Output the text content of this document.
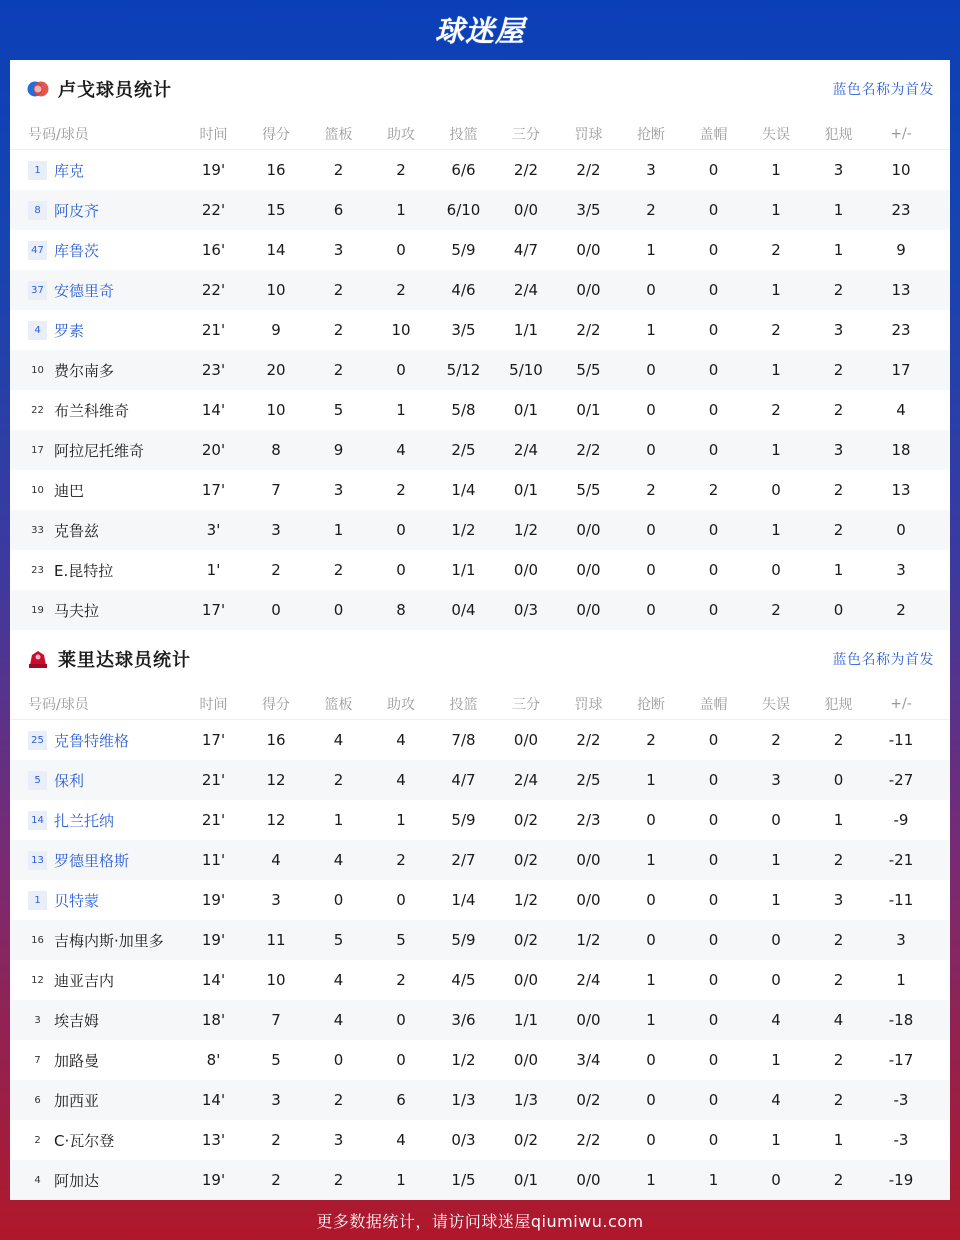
球迷屋
卢戈球员统计	蓝色名称为首发
号码/球员	时间	得分	篮板	助攻	投篮	三分	罚球	抢断	盖帽	失误	犯规	+/-
1 库克	19'	16	2	2	6/6	2/2	2/2	3	0	1	3	10
8 阿皮齐	22'	15	6	1	6/10	0/0	3/5	2	0	1	1	23
47 库鲁茨	16'	14	3	0	5/9	4/7	0/0	1	0	2	1	9
37 安德里奇	22'	10	2	2	4/6	2/4	0/0	0	0	1	2	13
4 罗素	21'	9	2	10	3/5	1/1	2/2	1	0	2	3	23
10 费尔南多	23'	20	2	0	5/12	5/10	5/5	0	0	1	2	17
22 布兰科维奇	14'	10	5	1	5/8	0/1	0/1	0	0	2	2	4
17 阿拉尼托维奇	20'	8	9	4	2/5	2/4	2/2	0	0	1	3	18
10 迪巴	17'	7	3	2	1/4	0/1	5/5	2	2	0	2	13
33 克鲁兹	3'	3	1	0	1/2	1/2	0/0	0	0	1	2	0
23 E.昆特拉	1'	2	2	0	1/1	0/0	0/0	0	0	0	1	3
19 马夫拉	17'	0	0	8	0/4	0/3	0/0	0	0	2	0	2
莱里达球员统计	蓝色名称为首发
号码/球员	时间	得分	篮板	助攻	投篮	三分	罚球	抢断	盖帽	失误	犯规	+/-
25 克鲁特维格	17'	16	4	4	7/8	0/0	2/2	2	0	2	2	-11
5 保利	21'	12	2	4	4/7	2/4	2/5	1	0	3	0	-27
14 扎兰托纳	21'	12	1	1	5/9	0/2	2/3	0	0	0	1	-9
13 罗德里格斯	11'	4	4	2	2/7	0/2	0/0	1	0	1	2	-21
1 贝特蒙	19'	3	0	0	1/4	1/2	0/0	0	0	1	3	-11
16 吉梅内斯·加里多	19'	11	5	5	5/9	0/2	1/2	0	0	0	2	3
12 迪亚吉内	14'	10	4	2	4/5	0/0	2/4	1	0	0	2	1
3 埃吉姆	18'	7	4	0	3/6	1/1	0/0	1	0	4	4	-18
7 加路曼	8'	5	0	0	1/2	0/0	3/4	0	0	1	2	-17
6 加西亚	14'	3	2	6	1/3	1/3	0/2	0	0	4	2	-3
2 C·瓦尔登	13'	2	3	4	0/3	0/2	2/2	0	0	1	1	-3
4 阿加达	19'	2	2	1	1/5	0/1	0/0	1	1	0	2	-19
更多数据统计，请访问球迷屋qiumiwu.com
